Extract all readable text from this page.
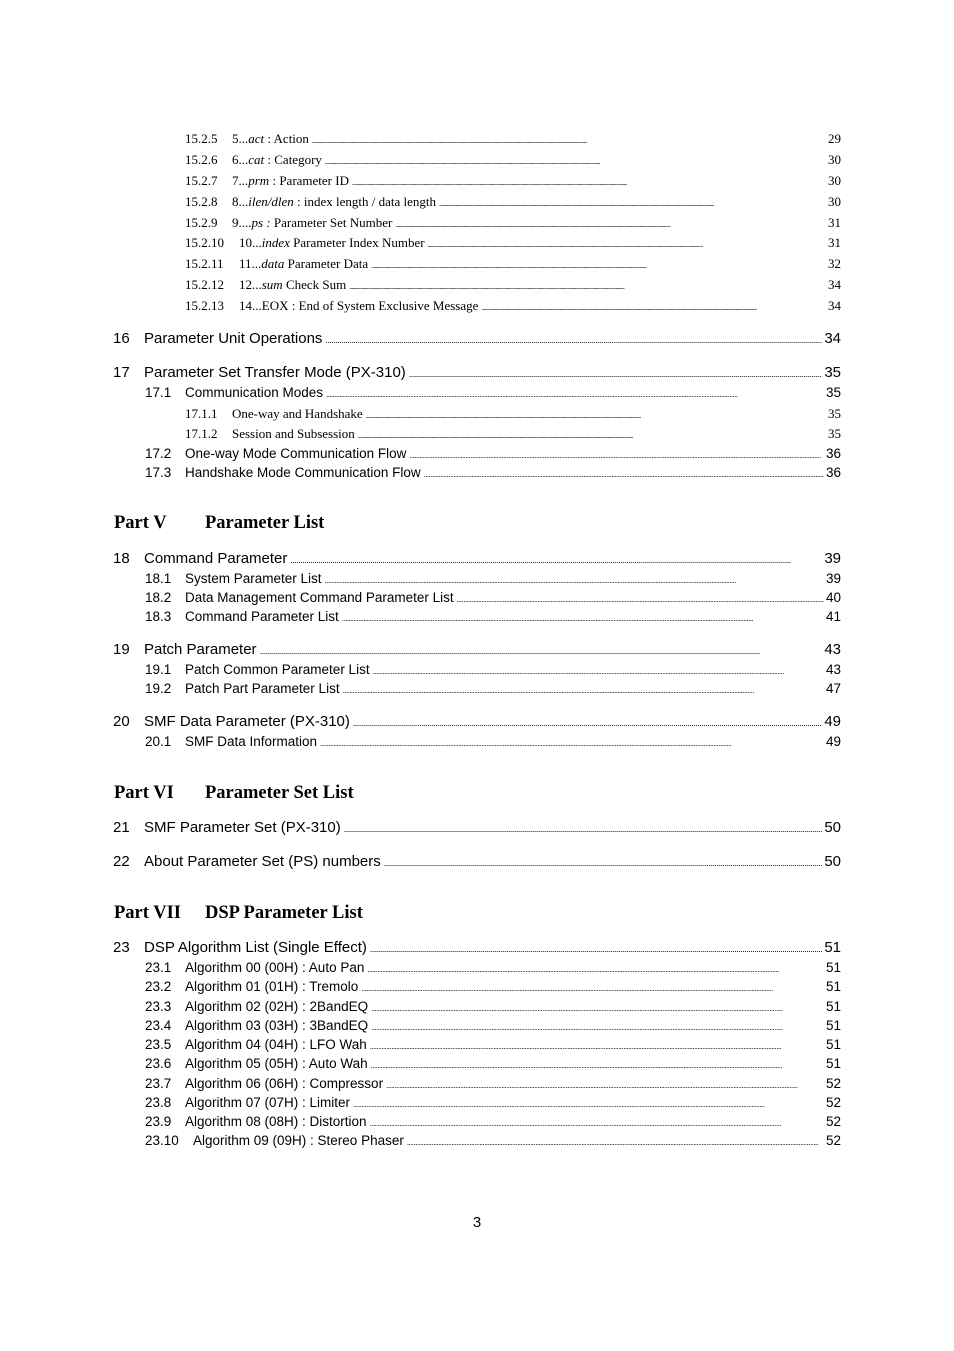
15.2.5	5...act : Action . . .	29
15.2.6	6...cat : Category . . .	30
15.2.7	7...prm : Parameter ID . . .	30
15.2.8	8...ilen/dlen : index length / data length . . .	30
15.2.9	9....ps : Parameter Set Number . . .	31
15.2.10	10...index Parameter Index Number . . .	31
15.2.11	11...data Parameter Data . . .	32
15.2.12	12...sum Check Sum . . .	34
15.2.13	14...EOX : End of System Exclusive Message . . .	34
16 Parameter Unit Operations . . .	34
17 Parameter Set Transfer Mode (PX-310) . . .	35
17.1	Communication Modes . . .	35
17.1.1	One-way and Handshake . . .	35
17.1.2	Session and Subsession . . .	35
17.2	One-way Mode Communication Flow . . .	36
17.3	Handshake Mode Communication Flow . . .	36
18 Command Parameter . . .	39
18.1	System Parameter List . . .	39
18.2	Data Management Command Parameter List . . .	40
18.3	Command Parameter List . . .	41
19 Patch Parameter . . .	43
19.1	Patch Common Parameter List . . .	43
19.2	Patch Part Parameter List . . .	47
20 SMF Data Parameter (PX-310) . . .	49
20.1	SMF Data Information . . .	49
21 SMF Parameter Set (PX-310) . . .	50
22 About Parameter Set (PS) numbers . . .	50
23 DSP Algorithm List (Single Effect) . . .	51
23.1	Algorithm 00 (00H) : Auto Pan . . .	51
23.2	Algorithm 01 (01H) : Tremolo . . .	51
23.3	Algorithm 02 (02H) : 2BandEQ . . .	51
23.4	Algorithm 03 (03H) : 3BandEQ . . .	51
23.5	Algorithm 04 (04H) : LFO Wah . . .	51
23.6	Algorithm 05 (05H) : Auto Wah . . .	51
23.7	Algorithm 06 (06H) : Compressor . . .	52
23.8	Algorithm 07 (07H) : Limiter . . .	52
23.9	Algorithm 08 (08H) : Distortion . . .	52
23.10	Algorithm 09 (09H) : Stereo Phaser . . .	52
Part V Parameter List
Part VI Parameter Set List
Part VII DSP Parameter List
3
